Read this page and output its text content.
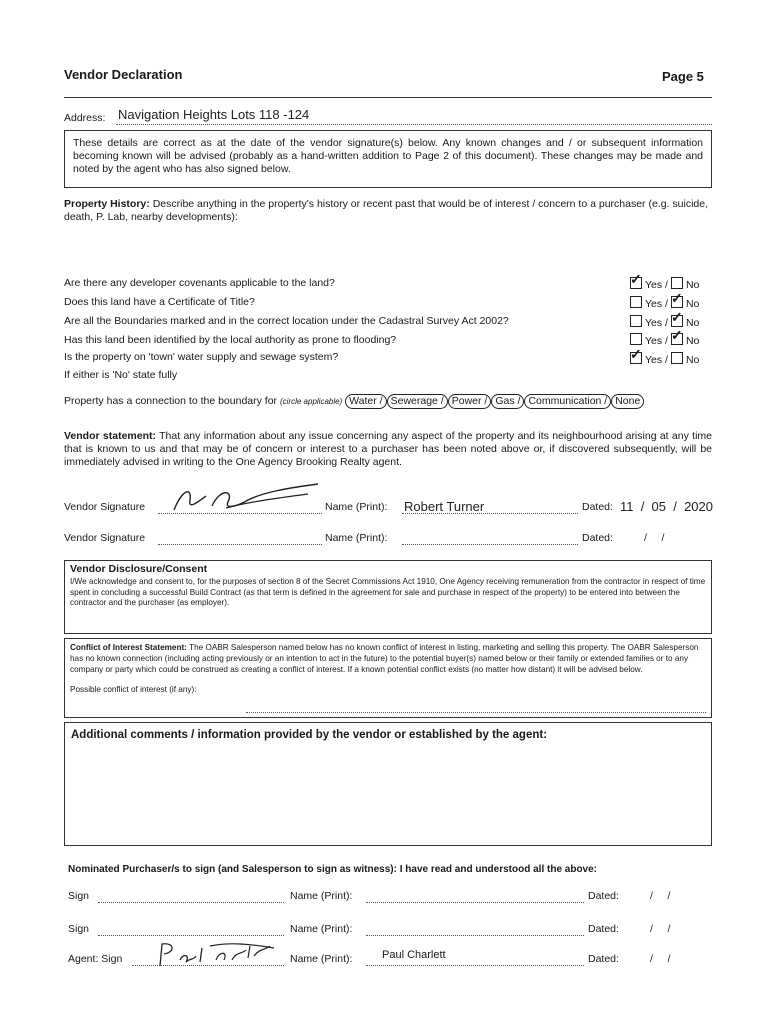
Vendor Declaration	Page 5
Address: Navigation Heights Lots 118 -124
These details are correct as at the date of the vendor signature(s) below. Any known changes and / or subsequent information becoming known will be advised (probably as a hand-written addition to Page 2 of this document). These changes may be made and noted by the agent who has also signed below.
Property History: Describe anything in the property's history or recent past that would be of interest / concern to a purchaser (e.g. suicide, death, P. Lab, nearby developments):
Are there any developer covenants applicable to the land?	✓ Yes / No
Does this land have a Certificate of Title?	Yes / ✓ No
Are all the Boundaries marked and in the correct location under the Cadastral Survey Act 2002?	Yes / ✓ No
Has this land been identified by the local authority as prone to flooding?	Yes / ✓ No
Is the property on 'town' water supply and sewage system?	✓ Yes / No
If either is 'No' state fully
Property has a connection to the boundary for (circle applicable) Water / Sewerage / Power / Gas / Communication / None
Vendor statement: That any information about any issue concerning any aspect of the property and its neighbourhood arising at any time that is known to us and that may be of concern or interest to a purchaser has been noted above or, if discovered subsequently, will be immediately advised in writing to the One Agency Brooking Realty agent.
Vendor Signature	Name (Print): Robert Turner	Dated: 11  /  05  /  2020
Vendor Signature	Name (Print):	Dated:	/     /
Vendor Disclosure/Consent
I/We acknowledge and consent to, for the purposes of section 8 of the Secret Commissions Act 1910, One Agency receiving remuneration from the contractor in respect of time spent in concluding a successful Build Contract (as that term is defined in the agreement for sale and purchase in respect of the property) to be entered into between the contractor and the purchaser (as employer).
Conflict of Interest Statement: The OABR Salesperson named below has no known conflict of interest in listing, marketing and selling this property. The OABR Salesperson has no known connection (including acting previously or an intention to act in the future) to the potential buyer(s) named below or their family or extended families or to any company or party which could be construed as creating a conflict of interest. If a known potential conflict exists (no matter how distant) it will be advised below.
Possible conflict of interest (if any):
Additional comments / information provided by the vendor or established by the agent:
Nominated Purchaser/s to sign (and Salesperson to sign as witness): I have read and understood all the above:
Sign	Name (Print):	Dated:	/     /
Sign	Name (Print):	Dated:	/     /
Agent: Sign	Name (Print):	Paul Charlett	Dated:	/     /
